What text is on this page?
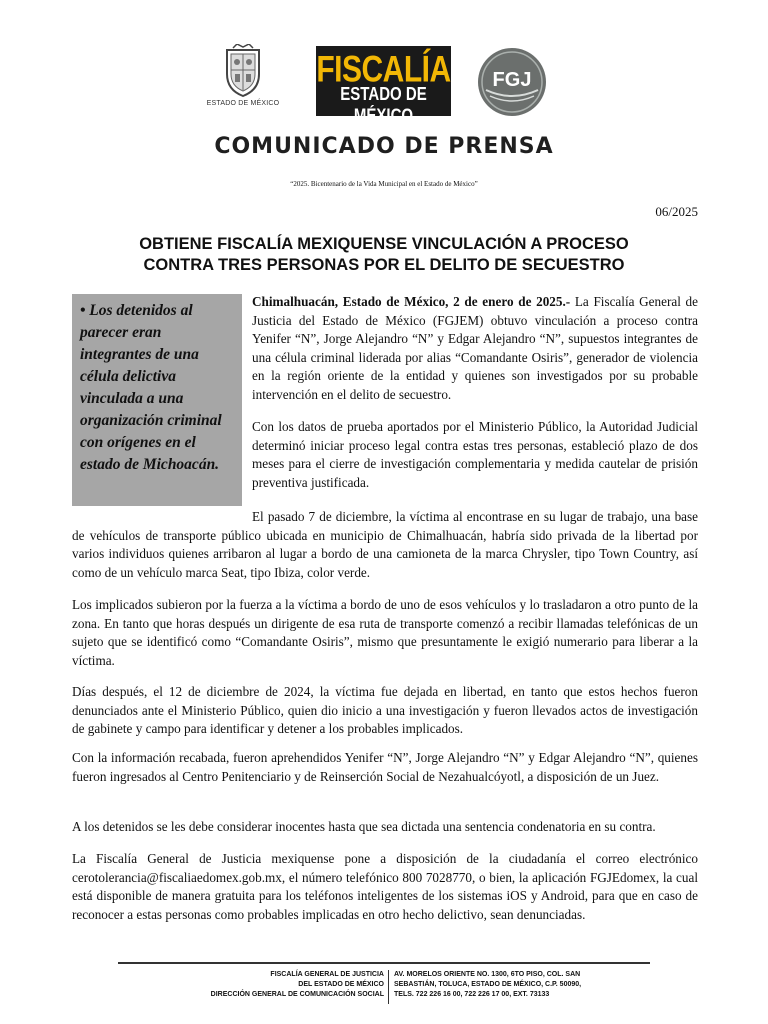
ESTADO DE MÉXICO
FISCALÍA
ESTADO DE MÉXICO
FGJ
COMUNICADO DE PRENSA
“2025. Bicentenario de la Vida Municipal en el Estado de México”
06/2025
OBTIENE FISCALÍA MEXIQUENSE VINCULACIÓN A PROCESO
CONTRA TRES PERSONAS POR EL DELITO DE SECUESTRO
• Los detenidos al parecer eran integrantes de una célula delictiva vinculada a una organización criminal con orígenes en el estado de Michoacán.
Chimalhuacán, Estado de México, 2 de enero de 2025.- La Fiscalía General de Justicia del Estado de México (FGJEM) obtuvo vinculación a proceso contra Yenifer “N”, Jorge Alejandro “N” y Edgar Alejandro “N”, supuestos integrantes de una célula criminal liderada por alias “Comandante Osiris”, generador de violencia en la región oriente de la entidad y quienes son investigados por su probable intervención en el delito de secuestro.
Con los datos de prueba aportados por el Ministerio Público, la Autoridad Judicial determinó iniciar proceso legal contra estas tres personas, estableció plazo de dos meses para el cierre de investigación complementaria y medida cautelar de prisión preventiva justificada.
El pasado 7 de diciembre, la víctima al encontrase en su lugar de trabajo, una base de vehículos de transporte público ubicada en municipio de Chimalhuacán, habría sido privada de la libertad por varios individuos quienes arribaron al lugar a bordo de una camioneta de la marca Chrysler, tipo Town Country, así como de un vehículo marca Seat, tipo Ibiza, color verde.
Los implicados subieron por la fuerza a la víctima a bordo de uno de esos vehículos y lo trasladaron a otro punto de la zona. En tanto que horas después un dirigente de esa ruta de transporte comenzó a recibir llamadas telefónicas de un sujeto que se identificó como “Comandante Osiris”, mismo que presuntamente le exigió numerario para liberar a la víctima.
Días después, el 12 de diciembre de 2024, la víctima fue dejada en libertad, en tanto que estos hechos fueron denunciados ante el Ministerio Público, quien dio inicio a una investigación y fueron llevados actos de investigación de gabinete y campo para identificar y detener a los probables implicados.
Con la información recabada, fueron aprehendidos Yenifer “N”, Jorge Alejandro “N” y Edgar Alejandro “N”, quienes fueron ingresados al Centro Penitenciario y de Reinserción Social de Nezahualcóyotl, a disposición de un Juez.
A los detenidos se les debe considerar inocentes hasta que sea dictada una sentencia condenatoria en su contra.
La Fiscalía General de Justicia mexiquense pone a disposición de la ciudadanía el correo electrónico cerotolerancia@fiscaliaedomex.gob.mx, el número telefónico 800 7028770, o bien, la aplicación FGJEdomex, la cual está disponible de manera gratuita para los teléfonos inteligentes de los sistemas iOS y Android, para que en caso de reconocer a estas personas como probables implicadas en otro hecho delictivo, sean denunciadas.
FISCALÍA GENERAL DE JUSTICIA
DEL ESTADO DE MÉXICO
DIRECCIÓN GENERAL DE COMUNICACIÓN SOCIAL
AV. MORELOS ORIENTE NO. 1300, 6TO PISO, COL. SAN
SEBASTIÁN, TOLUCA, ESTADO DE MÉXICO, C.P. 50090,
TELS. 722 226 16 00, 722 226 17 00, EXT. 73133
